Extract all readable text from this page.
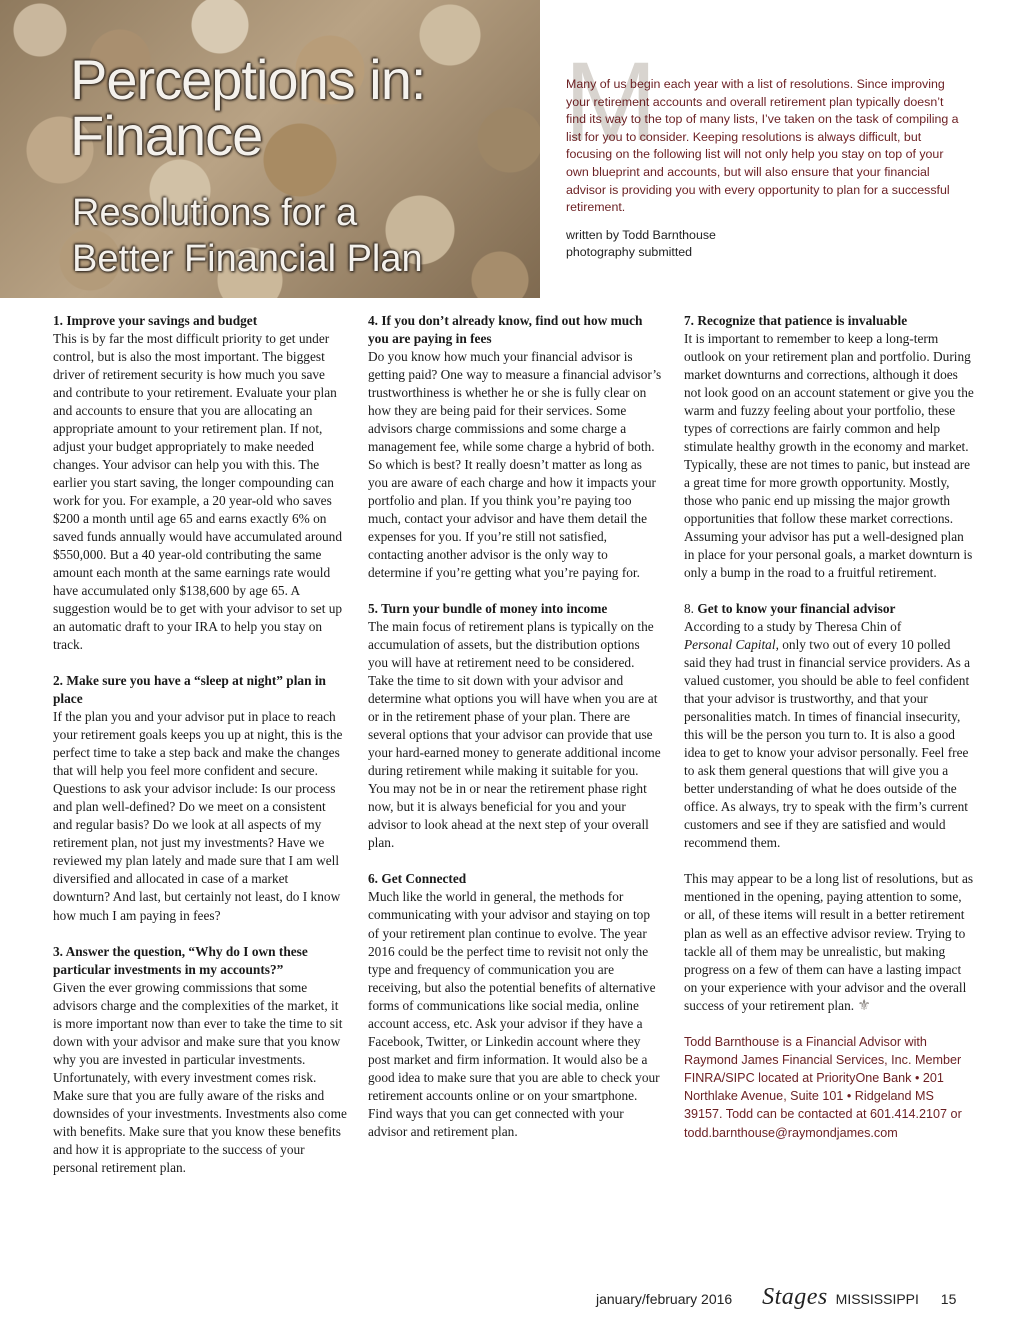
Perceptions in:
Finance
Resolutions for a
Better Financial Plan
M

Many of us begin each year with a list of resolutions. Since improving your retirement accounts and overall retirement plan typically doesn’t find its way to the top of many lists, I’ve taken on the task of compiling a list for you to consider. Keeping resolutions is always difficult, but focusing on the following list will not only help you stay on top of your own blueprint and accounts, but will also ensure that your financial advisor is providing you with every opportunity to plan for a successful retirement.

written by Todd Barnthouse
photography submitted
1. Improve your savings and budget

This is by far the most difficult priority to get under control, but is also the most important. The biggest driver of retirement security is how much you save and contribute to your retirement. Evaluate your plan and accounts to ensure that you are allocating an appropriate amount to your retirement plan. If not, adjust your budget appropriately to make needed changes. Your advisor can help you with this. The earlier you start saving, the longer compounding can work for you. For example, a 20 year-old who saves $200 a month until age 65 and earns exactly 6% on saved funds annually would have accumulated around $550,000. But a 40 year-old contributing the same amount each month at the same earnings rate would have accumulated only $138,600 by age 65. A suggestion would be to get with your advisor to set up an automatic draft to your IRA to help you stay on track.

2. Make sure you have a “sleep at night” plan in place

If the plan you and your advisor put in place to reach your retirement goals keeps you up at night, this is the perfect time to take a step back and make the changes that will help you feel more confident and secure. Questions to ask your advisor include: Is our process and plan well-defined? Do we meet on a consistent and regular basis? Do we look at all aspects of my retirement plan, not just my investments? Have we reviewed my plan lately and made sure that I am well diversified and allocated in case of a market downturn? And last, but certainly not least, do I know how much I am paying in fees?

3. Answer the question, “Why do I own these particular investments in my accounts?”

Given the ever growing commissions that some advisors charge and the complexities of the market, it is more important now than ever to take the time to sit down with your advisor and make sure that you know why you are invested in particular investments. Unfortunately, with every investment comes risk. Make sure that you are fully aware of the risks and downsides of your investments. Investments also come with benefits. Make sure that you know these benefits and how it is appropriate to the success of your personal retirement plan.

4. If you don’t already know, find out how much you are paying in fees

Do you know how much your financial advisor is getting paid? One way to measure a financial advisor’s trustworthiness is whether he or she is fully clear on how they are being paid for their services. Some advisors charge commissions and some charge a management fee, while some charge a hybrid of both. So which is best? It really doesn’t matter as long as you are aware of each charge and how it impacts your portfolio and plan. If you think you’re paying too much, contact your advisor and have them detail the expenses for you. If you’re still not satisfied, contacting another advisor is the only way to determine if you’re getting what you’re paying for.

5. Turn your bundle of money into income

The main focus of retirement plans is typically on the accumulation of assets, but the distribution options you will have at retirement need to be considered. Take the time to sit down with your advisor and determine what options you will have when you are at or in the retirement phase of your plan. There are several options that your advisor can provide that use your hard-earned money to generate additional income during retirement while making it suitable for you. You may not be in or near the retirement phase right now, but it is always beneficial for you and your advisor to look ahead at the next step of your overall plan.

6. Get Connected

Much like the world in general, the methods for communicating with your advisor and staying on top of your retirement plan continue to evolve. The year 2016 could be the perfect time to revisit not only the type and frequency of communication you are receiving, but also the potential benefits of alternative forms of communications like social media, online account access, etc. Ask your advisor if they have a Facebook, Twitter, or Linkedin account where they post market and firm information. It would also be a good idea to make sure that you are able to check your retirement accounts online or on your smartphone. Find ways that you can get connected with your advisor and retirement plan.

7. Recognize that patience is invaluable

It is important to remember to keep a long-term outlook on your retirement plan and portfolio. During market downturns and corrections, although it does not look good on an account statement or give you the warm and fuzzy feeling about your portfolio, these types of corrections are fairly common and help stimulate healthy growth in the economy and market. Typically, these are not times to panic, but instead are a great time for more growth opportunity. Mostly, those who panic end up missing the major growth opportunities that follow these market corrections. Assuming your advisor has put a well-designed plan in place for your personal goals, a market downturn is only a bump in the road to a fruitful retirement.

8. Get to know your financial advisor
According to a study by Theresa Chin of
Personal Capital, only two out of every 10 polled said they had trust in financial service providers. As a valued customer, you should be able to feel confident that your advisor is trustworthy, and that your personalities match. In times of financial insecurity, this will be the person you turn to. It is also a good idea to get to know your advisor personally. Feel free to ask them general questions that will give you a better understanding of what he does outside of the office. As always, try to speak with the firm’s current customers and see if they are satisfied and would recommend them.

This may appear to be a long list of resolutions, but as mentioned in the opening, paying attention to some, or all, of these items will result in a better retirement plan as well as an effective advisor review. Trying to tackle all of them may be unrealistic, but making progress on a few of them can have a lasting impact on your experience with your advisor and the overall success of your retirement plan. ⚜

Todd Barnthouse is a Financial Advisor with Raymond James Financial Services, Inc. Member FINRA/SIPC located at PriorityOne Bank • 201 Northlake Avenue, Suite 101 • Ridgeland MS 39157. Todd can be contacted at 601.414.2107 or todd.barnthouse@raymondjames.com
january/february 2016 Stages MISSISSIPPI 15
